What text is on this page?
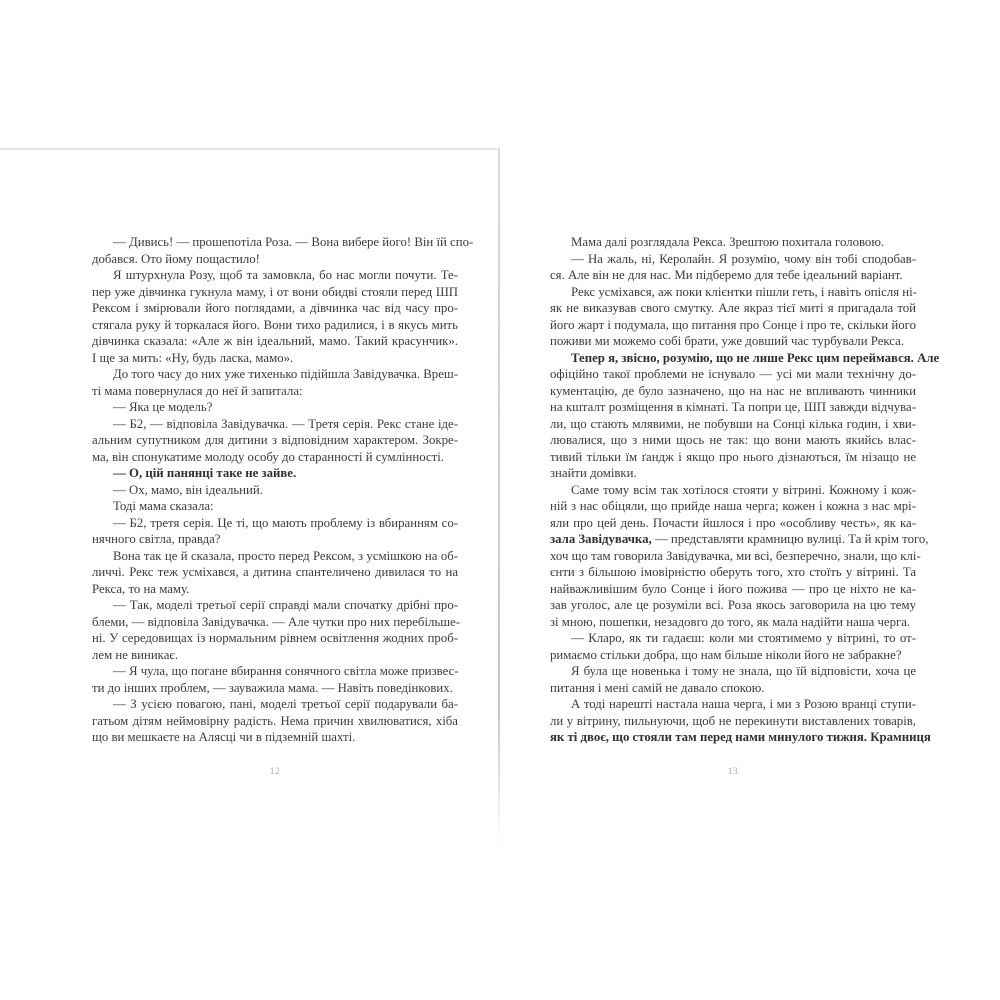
— Дивись! — прошепотіла Роза. — Вона вибере його! Він їй спо-
добався. Ото йому пощастило!
Я штурхнула Розу, щоб та замовкла, бо нас могли почути. Те-
пер уже дівчинка гукнула маму, і от вони обидві стояли перед ШП
Рексом і змірювали його поглядами, а дівчинка час від часу про-
стягала руку й торкалася його. Вони тихо радилися, і в якусь мить
дівчинка сказала: «Але ж він ідеальний, мамо. Такий красунчик».
І ще за мить: «Ну, будь ласка, мамо».
До того часу до них уже тихенько підійшла Завідувачка. Вреш-
ті мама повернулася до неї й запитала:
— Яка це модель?
— Б2, — відповіла Завідувачка. — Третя серія. Рекс стане іде-
альним супутником для дитини з відповідним характером. Зокре-
ма, він спонукатиме молоду особу до старанності й сумлінності.
— О, цій панянці таке не зайве.
— Ох, мамо, він ідеальний.
Тоді мама сказала:
— Б2, третя серія. Це ті, що мають проблему із вбиранням со-
нячного світла, правда?
Вона так це й сказала, просто перед Рексом, з усмішкою на об-
личчі. Рекс теж усміхався, а дитина спантеличено дивилася то на
Рекса, то на маму.
— Так, моделі третьої серії справді мали спочатку дрібні про-
блеми, — відповіла Завідувачка. — Але чутки про них перебільше-
ні. У середовищах із нормальним рівнем освітлення жодних проб-
лем не виникає.
— Я чула, що погане вбирання сонячного світла може призвес-
ти до інших проблем, — зауважила мама. — Навіть поведінкових.
— З усією повагою, пані, моделі третьої серії подарували ба-
гатьом дітям неймовірну радість. Нема причин хвилюватися, хіба
що ви мешкаєте на Алясці чи в підземній шахті.
Мама далі розглядала Рекса. Зрештою похитала головою.
— На жаль, ні, Керолайн. Я розумію, чому він тобі сподобав-
ся. Але він не для нас. Ми підберемо для тебе ідеальний варіант.
Рекс усміхався, аж поки клієнтки пішли геть, і навіть опісля ні-
як не виказував свого смутку. Але якраз тієї миті я пригадала той
його жарт і подумала, що питання про Сонце і про те, скільки його
поживи ми можемо собі брати, уже довший час турбували Рекса.
Тепер я, звісно, розумію, що не лише Рекс цим переймався. Але
офіційно такої проблеми не існувало — усі ми мали технічну до-
кументацію, де було зазначено, що на нас не впливають чинники
на кшталт розміщення в кімнаті. Та попри це, ШП завжди відчува-
ли, що стають млявими, не побувши на Сонці кілька годин, і хви-
лювалися, що з ними щось не так: що вони мають якийсь влас-
тивий тільки їм ґандж і якщо про нього дізнаються, їм нізащо не
знайти домівки.
Саме тому всім так хотілося стояти у вітрині. Кожному і кож-
ній з нас обіцяли, що прийде наша черга; кожен і кожна з нас мрі-
яли про цей день. Почасти йшлося і про «особливу честь», як ка-
зала Завідувачка, — представляти крамницю вулиці. Та й крім того,
хоч що там говорила Завідувачка, ми всі, безперечно, знали, що клі-
єнти з більшою імовірністю оберуть того, хто стоїть у вітрині. Та
найважливішим було Сонце і його пожива — про це ніхто не ка-
зав уголос, але це розуміли всі. Роза якось заговорила на цю тему
зі мною, пошепки, незадовго до того, як мала надійти наша черга.
— Кларо, як ти гадаєш: коли ми стоятимемо у вітрині, то от-
римаємо стільки добра, що нам більше ніколи його не забракне?
Я була ще новенька і тому не знала, що їй відповісти, хоча це
питання і мені самій не давало спокою.
А тоді нарешті настала наша черга, і ми з Розою вранці ступи-
ли у вітрину, пильнуючи, щоб не перекинути виставлених товарів,
як ті двоє, що стояли там перед нами минулого тижня. Крамниця
12	13
